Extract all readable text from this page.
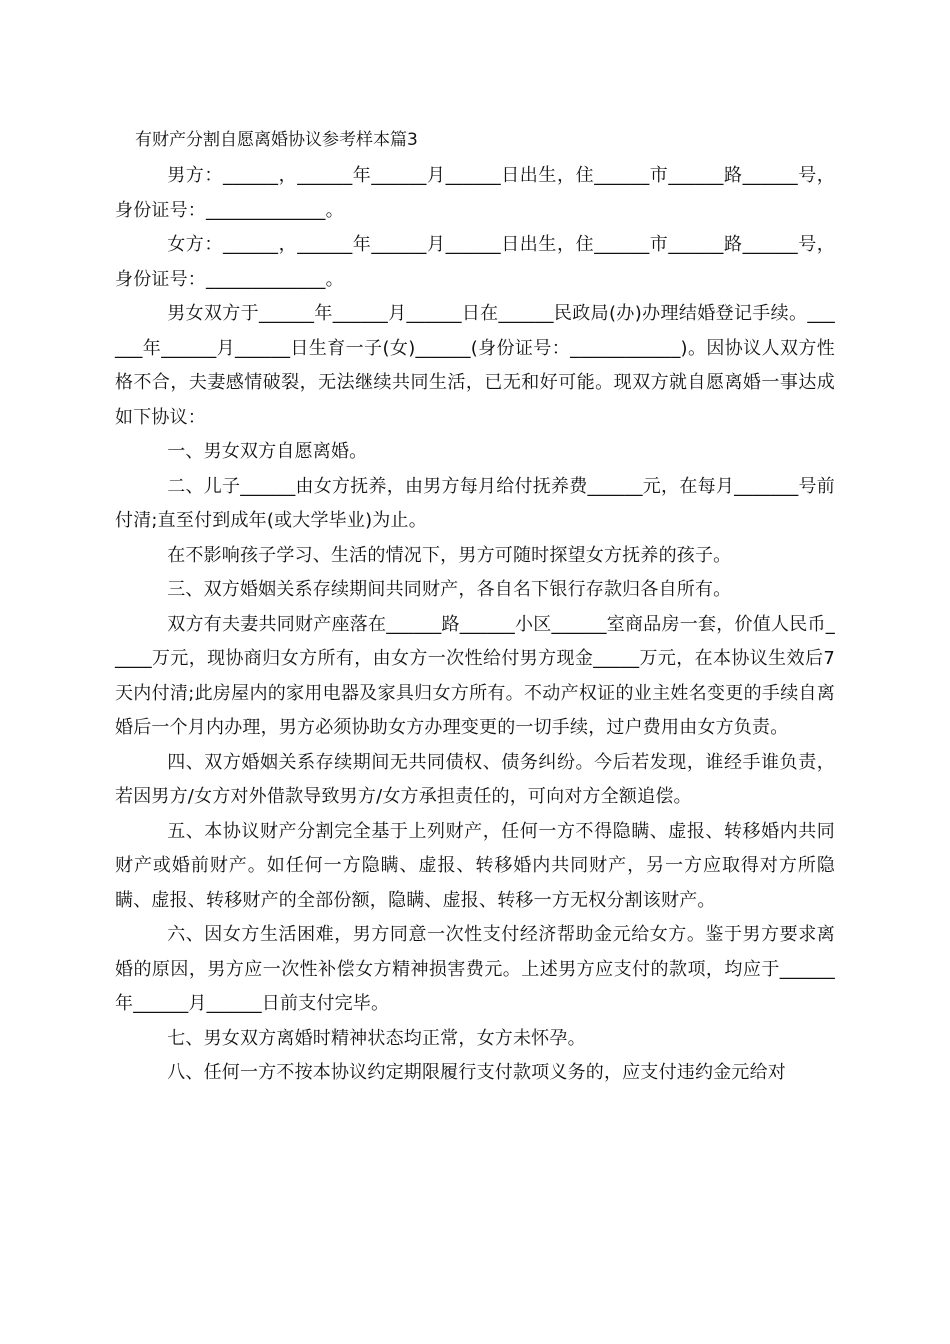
有财产分割自愿离婚协议参考样本篇3

男方：______，______年______月______日出生，住______市______路______号，身份证号：_____________。

女方：______，______年______月______日出生，住______市______路______号，身份证号：_____________。

男女双方于______年______月______日在______民政局(办)办理结婚登记手续。______年______月______日生育一子(女)______(身份证号：____________)。因协议人双方性格不合，夫妻感情破裂，无法继续共同生活，已无和好可能。现双方就自愿离婚一事达成如下协议：

一、男女双方自愿离婚。

二、儿子______由女方抚养，由男方每月给付抚养费______元，在每月_______号前付清;直至付到成年(或大学毕业)为止。

在不影响孩子学习、生活的情况下，男方可随时探望女方抚养的孩子。

三、双方婚姻关系存续期间共同财产，各自名下银行存款归各自所有。

双方有夫妻共同财产座落在______路______小区______室商品房一套，价值人民币_____万元，现协商归女方所有，由女方一次性给付男方现金_____万元，在本协议生效后7天内付清;此房屋内的家用电器及家具归女方所有。不动产权证的业主姓名变更的手续自离婚后一个月内办理，男方必须协助女方办理变更的一切手续，过户费用由女方负责。

四、双方婚姻关系存续期间无共同债权、债务纠纷。今后若发现，谁经手谁负责，若因男方/女方对外借款导致男方/女方承担责任的，可向对方全额追偿。

五、本协议财产分割完全基于上列财产，任何一方不得隐瞒、虚报、转移婚内共同财产或婚前财产。如任何一方隐瞒、虚报、转移婚内共同财产，另一方应取得对方所隐瞒、虚报、转移财产的全部份额，隐瞒、虚报、转移一方无权分割该财产。

六、因女方生活困难，男方同意一次性支付经济帮助金元给女方。鉴于男方要求离婚的原因，男方应一次性补偿女方精神损害费元。上述男方应支付的款项，均应于______年______月______日前支付完毕。

七、男女双方离婚时精神状态均正常，女方未怀孕。

八、任何一方不按本协议约定期限履行支付款项义务的，应支付违约金元给对
